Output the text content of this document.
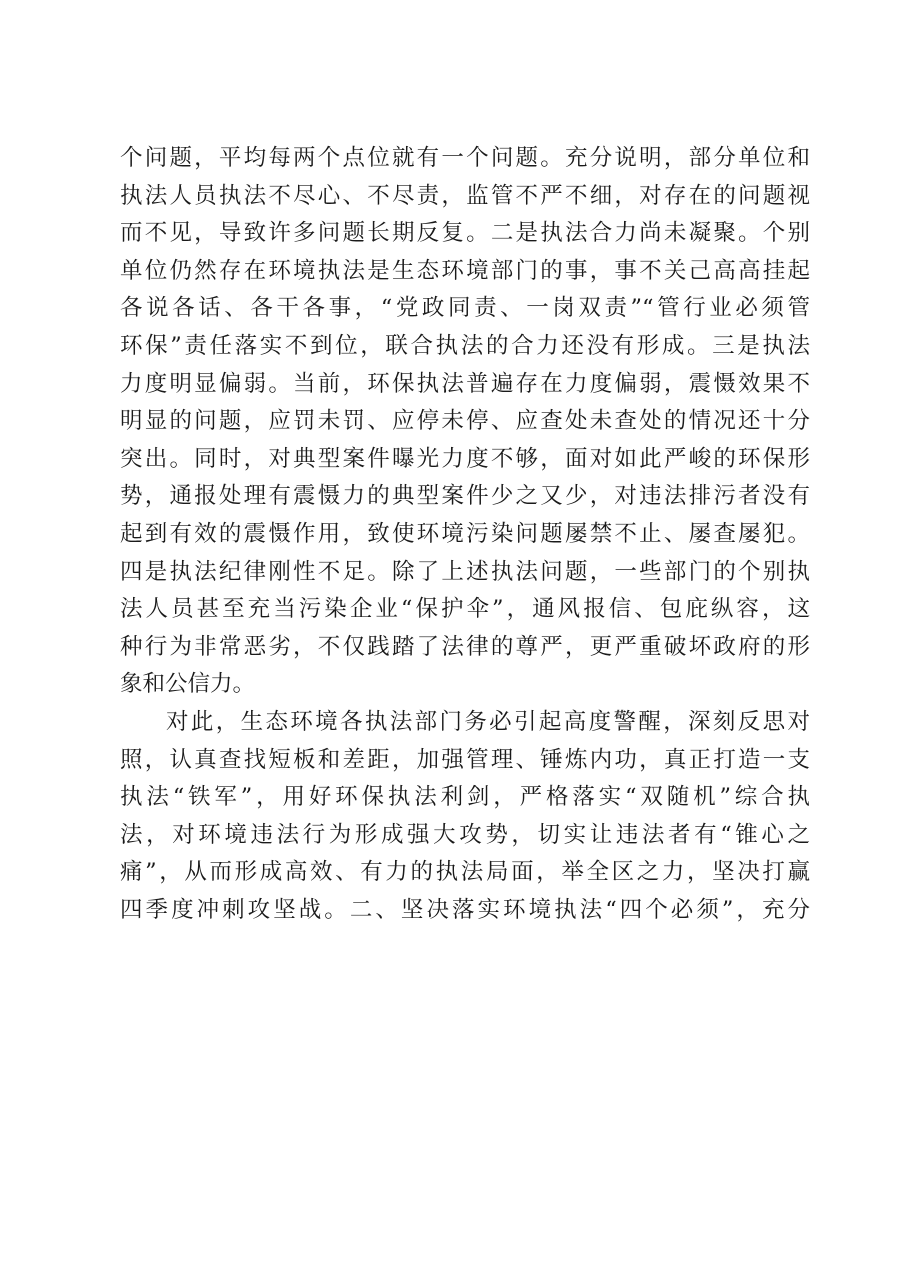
个问题，平均每两个点位就有一个问题。充分说明，部分单位和
执法人员执法不尽心、不尽责，监管不严不细，对存在的问题视
而不见，导致许多问题长期反复。二是执法合力尚未凝聚。个别
单位仍然存在环境执法是生态环境部门的事，事不关己高高挂起
各说各话、各干各事，“党政同责、一岗双责”“管行业必须管
环保”责任落实不到位，联合执法的合力还没有形成。三是执法
力度明显偏弱。当前，环保执法普遍存在力度偏弱，震慑效果不
明显的问题，应罚未罚、应停未停、应查处未查处的情况还十分
突出。同时，对典型案件曝光力度不够，面对如此严峻的环保形
势，通报处理有震慑力的典型案件少之又少，对违法排污者没有
起到有效的震慑作用，致使环境污染问题屡禁不止、屡查屡犯。
四是执法纪律刚性不足。除了上述执法问题，一些部门的个别执
法人员甚至充当污染企业“保护伞”，通风报信、包庇纵容，这
种行为非常恶劣，不仅践踏了法律的尊严，更严重破坏政府的形
象和公信力。
对此，生态环境各执法部门务必引起高度警醒，深刻反思对
照，认真查找短板和差距，加强管理、锤炼内功，真正打造一支
执法“铁军”，用好环保执法利剑，严格落实“双随机”综合执
法，对环境违法行为形成强大攻势，切实让违法者有“锥心之
痛”，从而形成高效、有力的执法局面，举全区之力，坚决打赢
四季度冲刺攻坚战。二、坚决落实环境执法“四个必须”，充分
